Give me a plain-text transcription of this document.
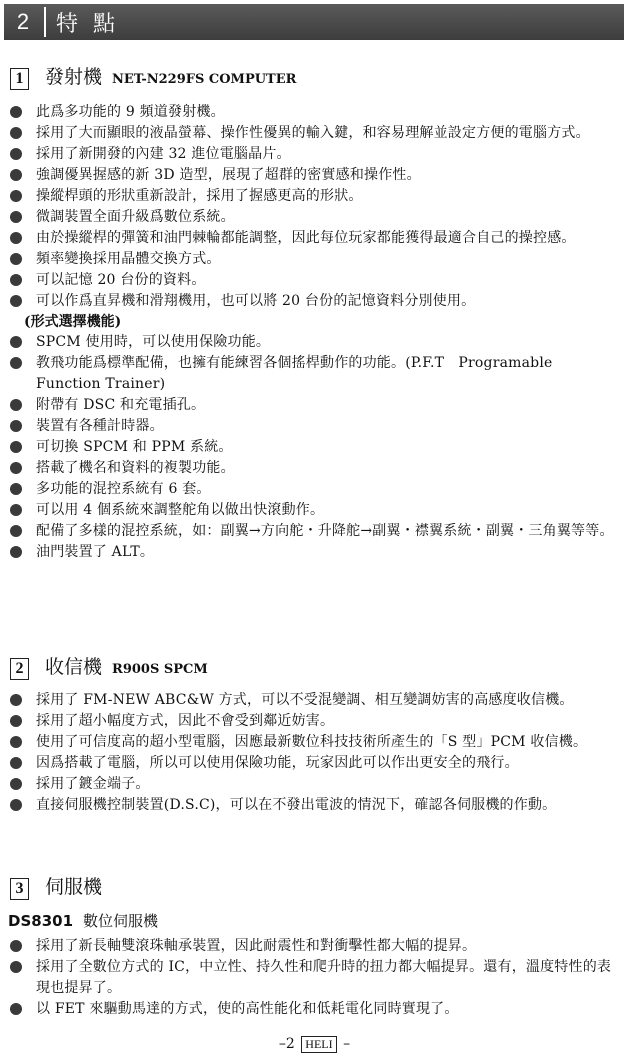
2	特 點
1 發射機 NET-N229FS COMPUTER
此爲多功能的 9 頻道發射機。
採用了大而顯眼的液晶螢幕、操作性優異的輸入鍵，和容易理解並設定方便的電腦方式。
採用了新開發的內建 32 進位電腦晶片。
強調優異握感的新 3D 造型，展現了超群的密實感和操作性。
操縱桿頭的形狀重新設計，採用了握感更高的形狀。
微調裝置全面升級爲數位系統。
由於操縱桿的彈簧和油門棘輪都能調整，因此每位玩家都能獲得最適合自己的操控感。
頻率變換採用晶體交換方式。
可以記憶 20 台份的資料。
可以作爲直昇機和滑翔機用，也可以將 20 台份的記憶資料分別使用。
(形式選擇機能)
SPCM 使用時，可以使用保險功能。
教飛功能爲標準配備，也擁有能練習各個搖桿動作的功能。(P.F.T　Programable Function Trainer)
附帶有 DSC 和充電插孔。
裝置有各種計時器。
可切換 SPCM 和 PPM 系統。
搭載了機名和資料的複製功能。
多功能的混控系統有 6 套。
可以用 4 個系統來調整舵角以做出快滾動作。
配備了多樣的混控系統，如：副翼→方向舵・升降舵→副翼・襟翼系統・副翼・三角翼等等。
油門裝置了 ALT。
2 收信機 R900S SPCM
採用了 FM-NEW ABC&W 方式，可以不受混變調、相互變調妨害的高感度收信機。
採用了超小幅度方式，因此不會受到鄰近妨害。
使用了可信度高的超小型電腦，因應最新數位科技技術所產生的「S 型」PCM 收信機。
因爲搭載了電腦，所以可以使用保險功能，玩家因此可以作出更安全的飛行。
採用了鍍金端子。
直接伺服機控制裝置(D.S.C)，可以在不發出電波的情況下，確認各伺服機的作動。
3 伺服機
DS8301 數位伺服機
採用了新長軸雙滾珠軸承裝置，因此耐震性和對衝擊性都大幅的提昇。
採用了全數位方式的 IC，中立性、持久性和爬升時的扭力都大幅提昇。還有，溫度特性的表現也提昇了。
以 FET 來驅動馬達的方式，使的高性能化和低耗電化同時實現了。
–2 HELI –
